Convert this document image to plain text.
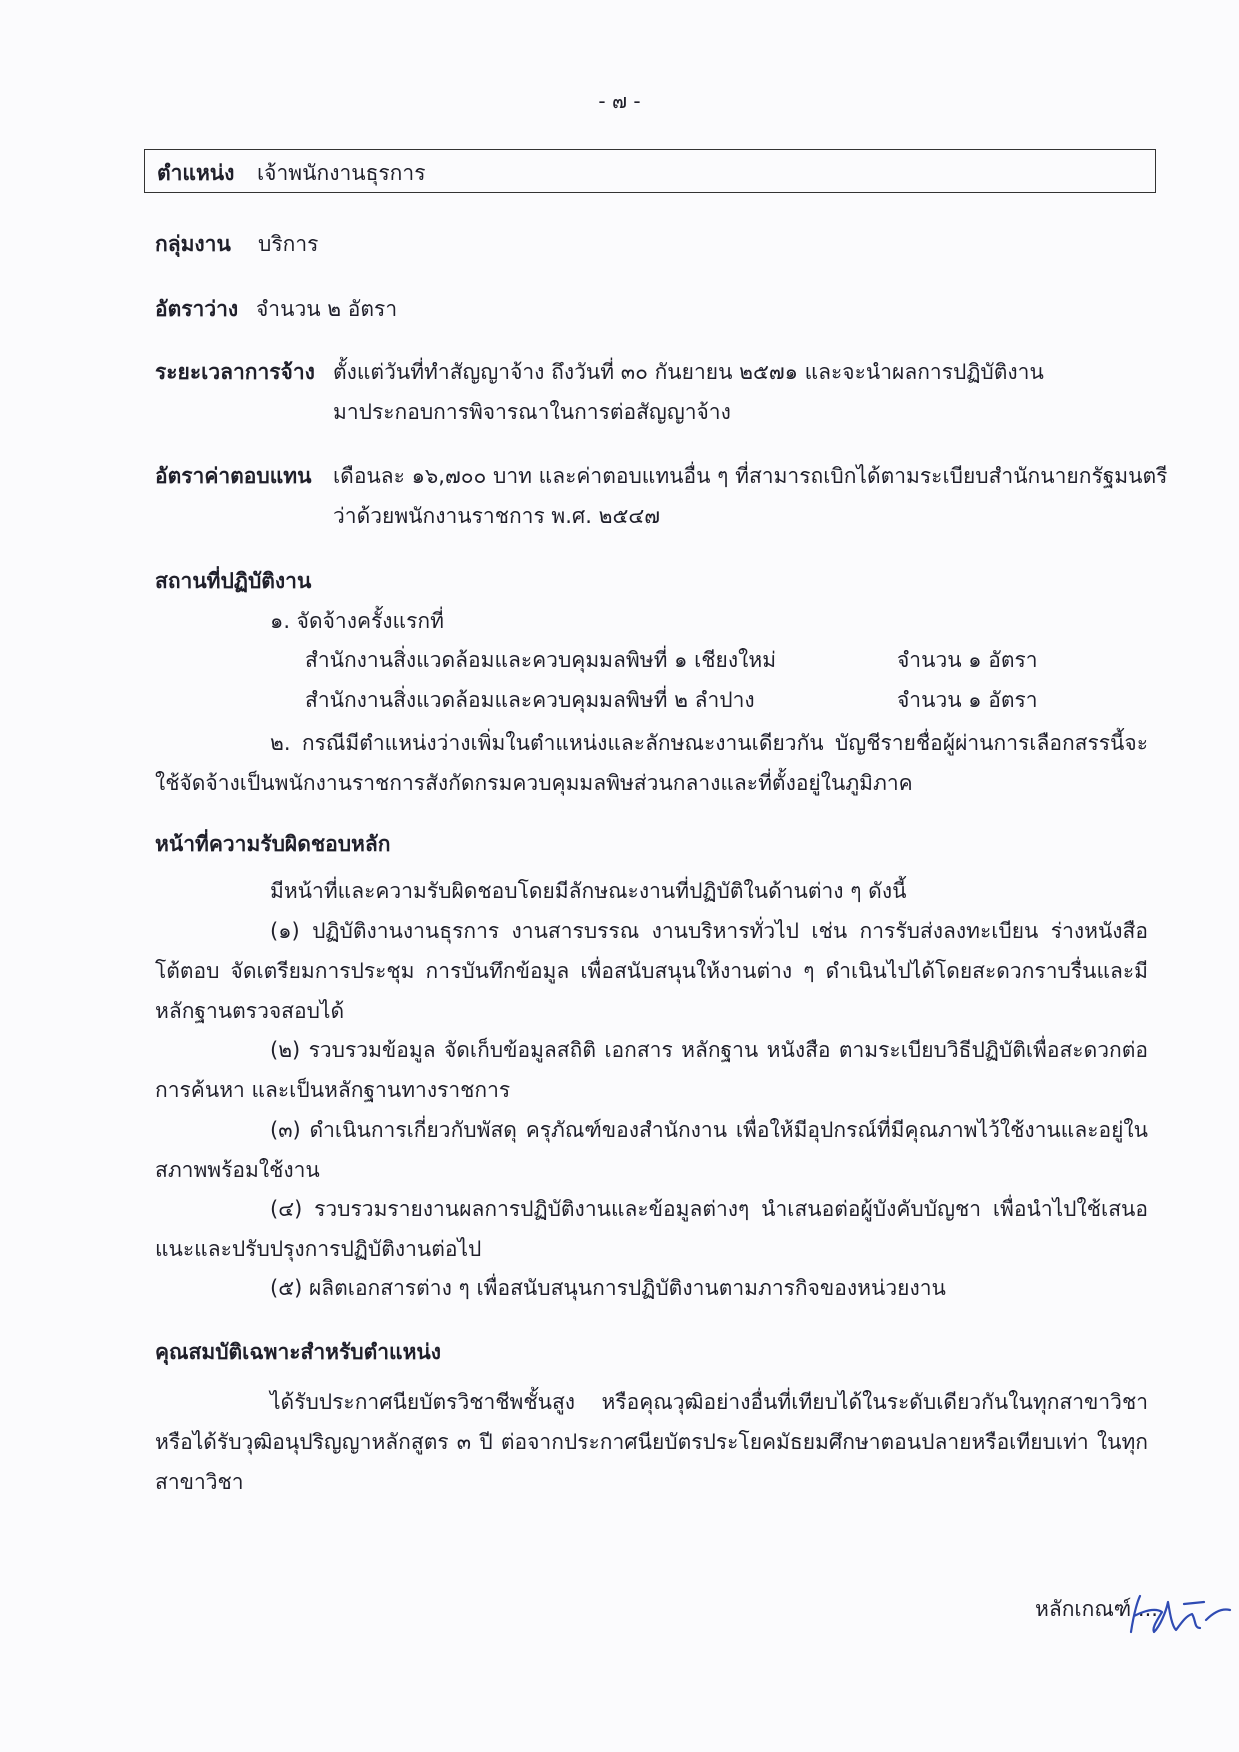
- ๗ -
ตำแหน่ง เจ้าพนักงานธุรการ
กลุ่มงาน บริการ
อัตราว่าง จำนวน ๒ อัตรา
ระยะเวลาการจ้าง ตั้งแต่วันที่ทำสัญญาจ้าง ถึงวันที่ ๓๐ กันยายน ๒๕๗๑ และจะนำผลการปฏิบัติงาน
มาประกอบการพิจารณาในการต่อสัญญาจ้าง
อัตราค่าตอบแทน เดือนละ ๑๖,๗๐๐ บาท และค่าตอบแทนอื่น ๆ ที่สามารถเบิกได้ตามระเบียบสำนักนายกรัฐมนตรี
ว่าด้วยพนักงานราชการ พ.ศ. ๒๕๔๗
สถานที่ปฏิบัติงาน
๑. จัดจ้างครั้งแรกที่
สำนักงานสิ่งแวดล้อมและควบคุมมลพิษที่ ๑ เชียงใหม่	จำนวน ๑ อัตรา
สำนักงานสิ่งแวดล้อมและควบคุมมลพิษที่ ๒ ลำปาง	จำนวน ๑ อัตรา

๒. กรณีมีตำแหน่งว่างเพิ่มในตำแหน่งและลักษณะงานเดียวกัน บัญชีรายชื่อผู้ผ่านการเลือกสรรนี้จะใช้จัดจ้างเป็นพนักงานราชการสังกัดกรมควบคุมมลพิษส่วนกลางและที่ตั้งอยู่ในภูมิภาค

หน้าที่ความรับผิดชอบหลัก
มีหน้าที่และความรับผิดชอบโดยมีลักษณะงานที่ปฏิบัติในด้านต่าง ๆ ดังนี้

(๑) ปฏิบัติงานงานธุรการ งานสารบรรณ งานบริหารทั่วไป เช่น การรับส่งลงทะเบียน ร่างหนังสือโต้ตอบ จัดเตรียมการประชุม การบันทึกข้อมูล เพื่อสนับสนุนให้งานต่าง ๆ ดำเนินไปได้โดยสะดวกราบรื่นและมีหลักฐานตรวจสอบได้

(๒) รวบรวมข้อมูล จัดเก็บข้อมูลสถิติ เอกสาร หลักฐาน หนังสือ ตามระเบียบวิธีปฏิบัติเพื่อสะดวกต่อการค้นหา และเป็นหลักฐานทางราชการ

(๓) ดำเนินการเกี่ยวกับพัสดุ ครุภัณฑ์ของสำนักงาน เพื่อให้มีอุปกรณ์ที่มีคุณภาพไว้ใช้งานและอยู่ในสภาพพร้อมใช้งาน

(๔) รวบรวมรายงานผลการปฏิบัติงานและข้อมูลต่างๆ นำเสนอต่อผู้บังคับบัญชา เพื่อนำไปใช้เสนอแนะและปรับปรุงการปฏิบัติงานต่อไป

(๕) ผลิตเอกสารต่าง ๆ เพื่อสนับสนุนการปฏิบัติงานตามภารกิจของหน่วยงาน

คุณสมบัติเฉพาะสำหรับตำแหน่ง

ได้รับประกาศนียบัตรวิชาชีพชั้นสูง หรือคุณวุฒิอย่างอื่นที่เทียบได้ในระดับเดียวกันในทุกสาขาวิชา หรือได้รับวุฒิอนุปริญญาหลักสูตร ๓ ปี ต่อจากประกาศนียบัตรประโยคมัธยมศึกษาตอนปลายหรือเทียบเท่า ในทุกสาขาวิชา

หลักเกณฑ์ ...
